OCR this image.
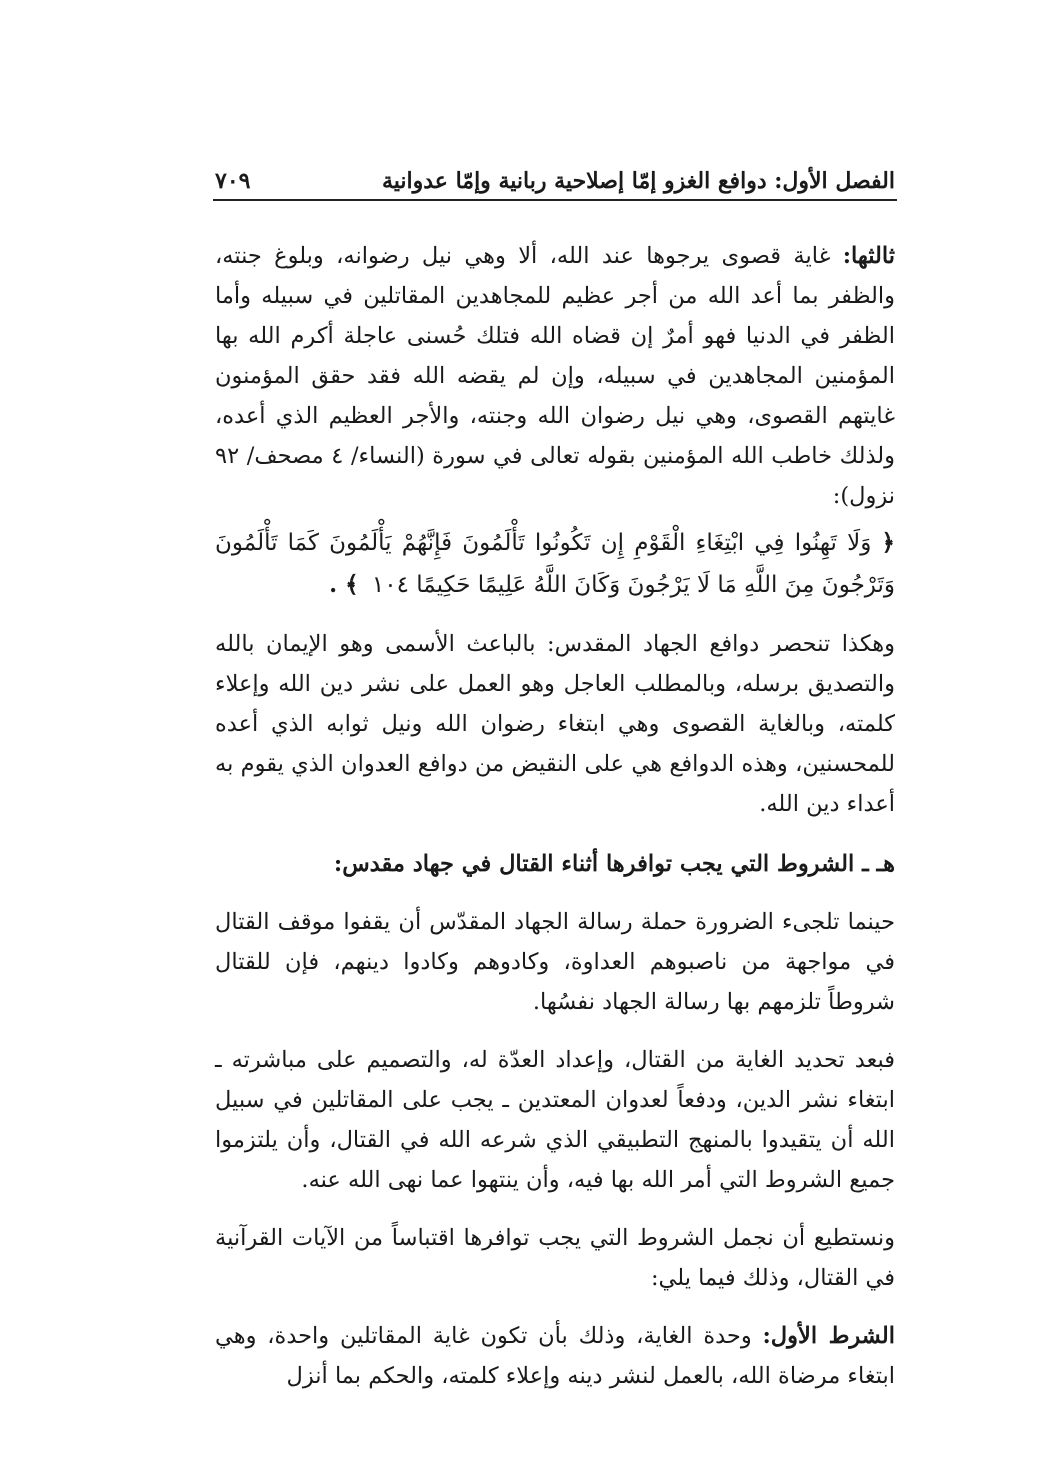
الفصل الأول: دوافع الغزو إمّا إصلاحية ربانية وإمّا عدوانية
٧٠٩

ثالثها: غاية قصوى يرجوها عند الله، ألا وهي نيل رضوانه، وبلوغ جنته، والظفر بما أعد الله من أجر عظيم للمجاهدين المقاتلين في سبيله وأما الظفر في الدنيا فهو أمرٌ إن قضاه الله فتلك حُسنى عاجلة أكرم الله بها المؤمنين المجاهدين في سبيله، وإن لم يقضه الله فقد حقق المؤمنون غايتهم القصوى، وهي نيل رضوان الله وجنته، والأجر العظيم الذي أعده، ولذلك خاطب الله المؤمنين بقوله تعالى في سورة (النساء/ ٤ مصحف/ ٩٢ نزول):

﴿ وَلَا تَهِنُوا فِي ابْتِغَاءِ الْقَوْمِ إِن تَكُونُوا تَأْلَمُونَ فَإِنَّهُمْ يَأْلَمُونَ كَمَا تَأْلَمُونَ وَتَرْجُونَ مِنَ اللَّهِ مَا لَا يَرْجُونَ وَكَانَ اللَّهُ عَلِيمًا حَكِيمًا ١٠٤ ﴾ .

وهكذا تنحصر دوافع الجهاد المقدس: بالباعث الأسمى وهو الإيمان بالله والتصديق برسله، وبالمطلب العاجل وهو العمل على نشر دين الله وإعلاء كلمته، وبالغاية القصوى وهي ابتغاء رضوان الله ونيل ثوابه الذي أعده للمحسنين، وهذه الدوافع هي على النقيض من دوافع العدوان الذي يقوم به أعداء دين الله.

هـ ـ الشروط التي يجب توافرها أثناء القتال في جهاد مقدس:

حينما تلجىء الضرورة حملة رسالة الجهاد المقدّس أن يقفوا موقف القتال في مواجهة من ناصبوهم العداوة، وكادوهم وكادوا دينهم، فإن للقتال شروطاً تلزمهم بها رسالة الجهاد نفسُها.

فبعد تحديد الغاية من القتال، وإعداد العدّة له، والتصميم على مباشرته ـ ابتغاء نشر الدين، ودفعاً لعدوان المعتدين ـ يجب على المقاتلين في سبيل الله أن يتقيدوا بالمنهج التطبيقي الذي شرعه الله في القتال، وأن يلتزموا جميع الشروط التي أمر الله بها فيه، وأن ينتهوا عما نهى الله عنه.

ونستطيع أن نجمل الشروط التي يجب توافرها اقتباساً من الآيات القرآنية في القتال، وذلك فيما يلي:

الشرط الأول: وحدة الغاية، وذلك بأن تكون غاية المقاتلين واحدة، وهي ابتغاء مرضاة الله، بالعمل لنشر دينه وإعلاء كلمته، والحكم بما أنزل
